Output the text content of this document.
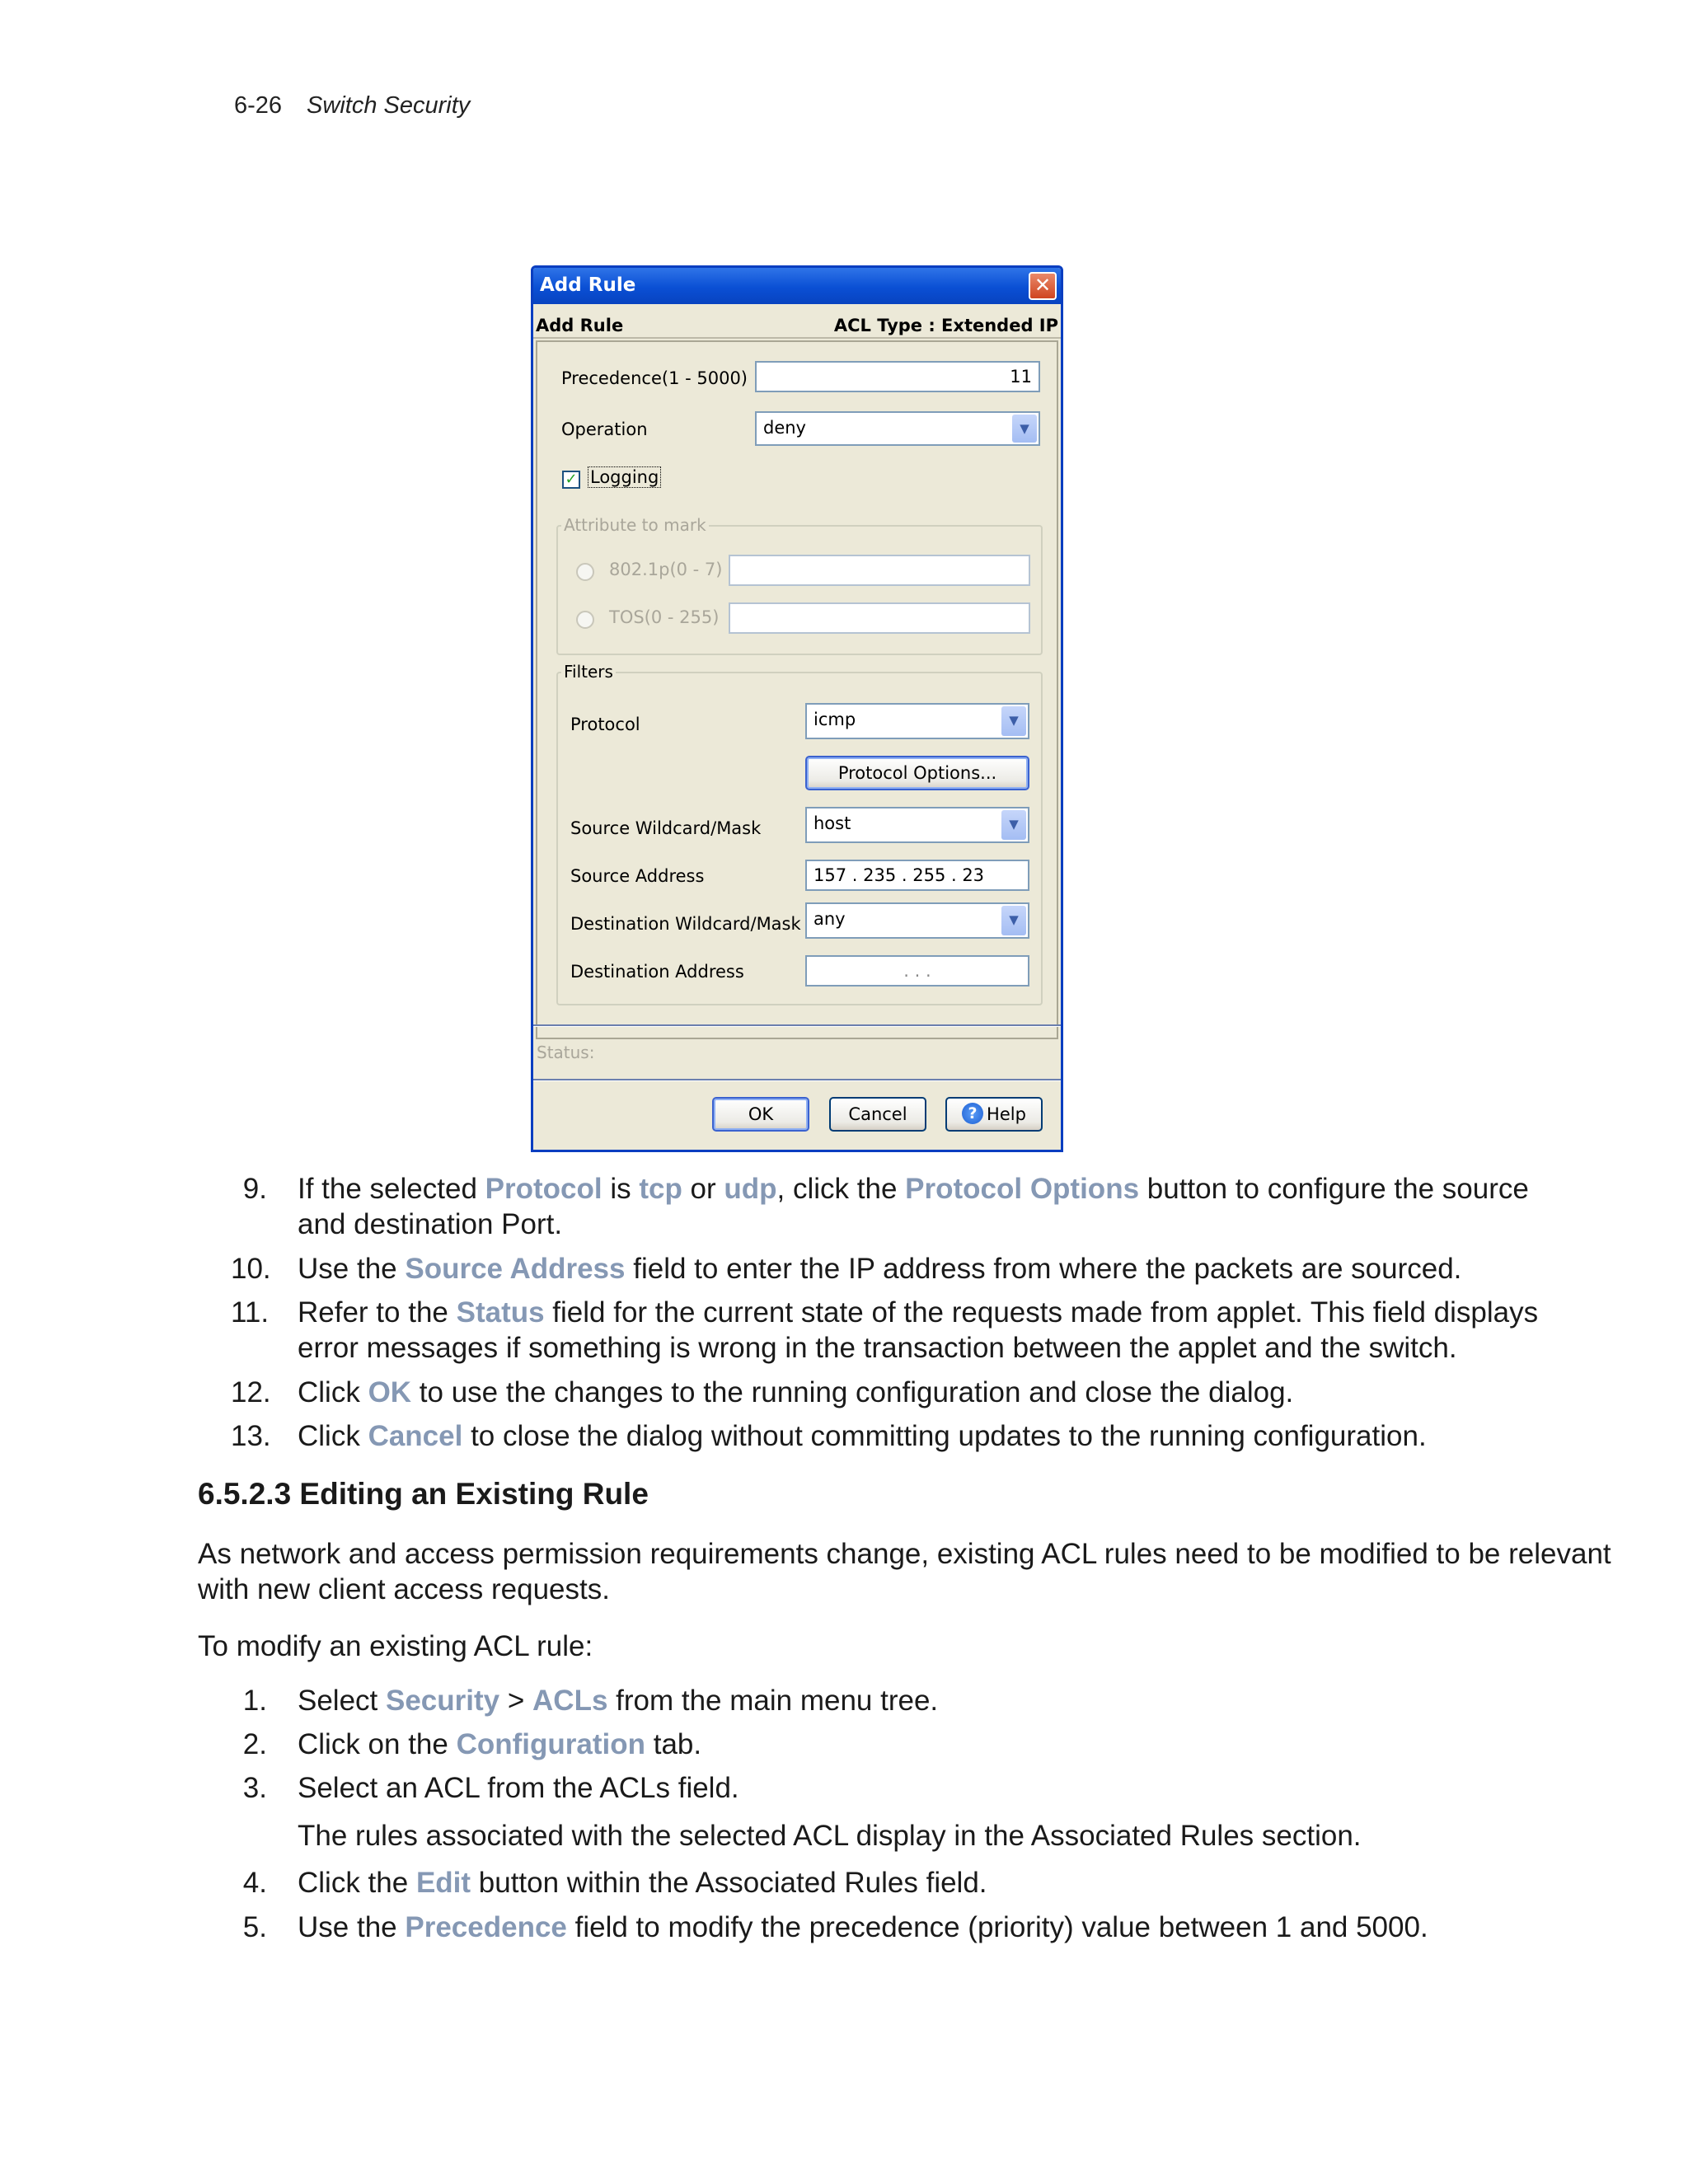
6-26 Switch Security
Add Rule	✕
Add Rule	ACL Type : Extended IP
Precedence(1 - 5000)	11
Operation	deny	▼
✓ Logging
Attribute to mark
802.1p(0 - 7)
TOS(0 - 255)
Filters
Protocol	icmp	▼
Protocol Options...
Source Wildcard/Mask	host	▼
Source Address	157 . 235 . 255 . 23
Destination Wildcard/Mask any	▼
Destination Address	. . .
Status:
OK	Cancel	? Help
9. If the selected Protocol is tcp or udp, click the Protocol Options button to configure the source
and destination Port.
10. Use the Source Address field to enter the IP address from where the packets are sourced.
11. Refer to the Status field for the current state of the requests made from applet. This field displays
error messages if something is wrong in the transaction between the applet and the switch.
12. Click OK to use the changes to the running configuration and close the dialog.
13. Click Cancel to close the dialog without committing updates to the running configuration.
6.5.2.3 Editing an Existing Rule
As network and access permission requirements change, existing ACL rules need to be modified to be relevant
with new client access requests.
To modify an existing ACL rule:
1. Select Security > ACLs from the main menu tree.
2. Click on the Configuration tab.
3. Select an ACL from the ACLs field.
The rules associated with the selected ACL display in the Associated Rules section.
4. Click the Edit button within the Associated Rules field.
5. Use the Precedence field to modify the precedence (priority) value between 1 and 5000.
